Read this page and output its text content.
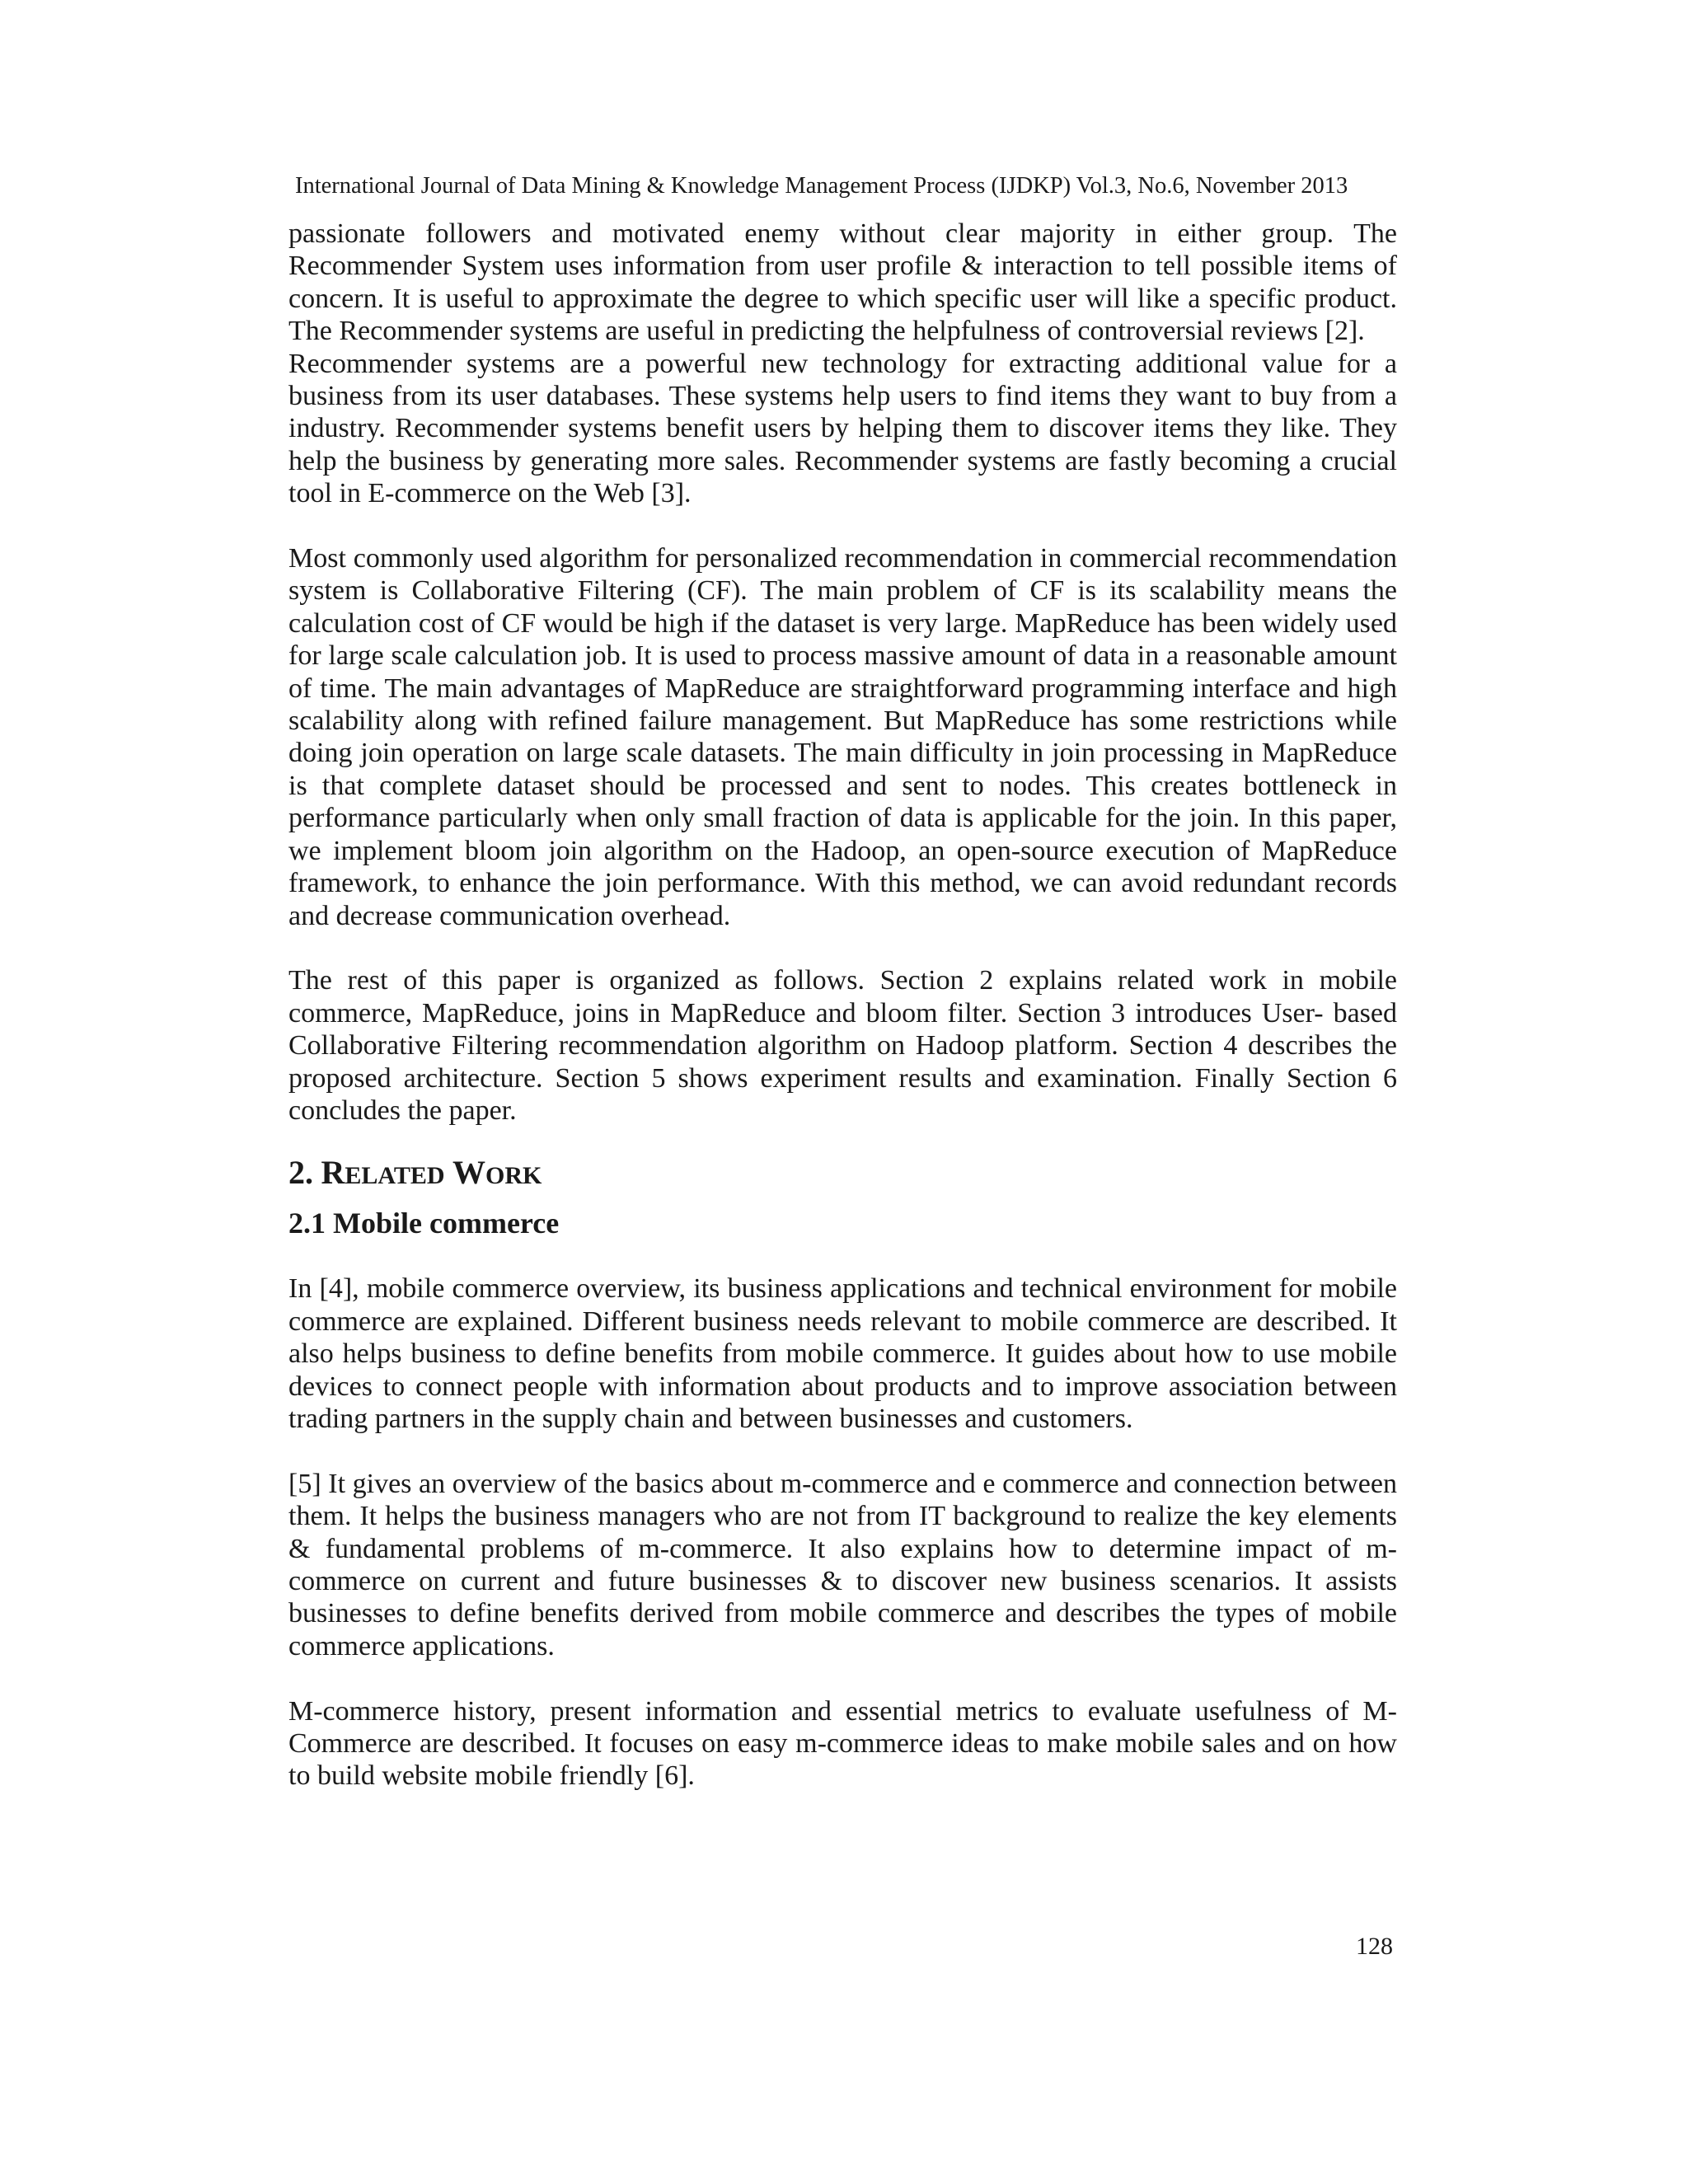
International Journal of Data Mining & Knowledge Management Process (IJDKP) Vol.3, No.6, November 2013

passionate followers and motivated enemy without clear majority in either group. The Recommender System uses information from user profile & interaction to tell possible items of concern. It is useful to approximate the degree to which specific user will like a specific product. The Recommender systems are useful in predicting the helpfulness of controversial reviews [2].

Recommender systems are a powerful new technology for extracting additional value for a business from its user databases. These systems help users to find items they want to buy from a industry. Recommender systems benefit users by helping them to discover items they like. They help the business by generating more sales. Recommender systems are fastly becoming a crucial tool in E-commerce on the Web [3].

Most commonly used algorithm for personalized recommendation in commercial recommendation system is Collaborative Filtering (CF). The main problem of CF is its scalability means the calculation cost of CF would be high if the dataset is very large. MapReduce has been widely used for large scale calculation job. It is used to process massive amount of data in a reasonable amount of time. The main advantages of MapReduce are straightforward programming interface and high scalability along with refined failure management. But MapReduce has some restrictions while doing join operation on large scale datasets. The main difficulty in join processing in MapReduce is that complete dataset should be processed and sent to nodes. This creates bottleneck in performance particularly when only small fraction of data is applicable for the join. In this paper, we implement bloom join algorithm on the Hadoop, an open-source execution of MapReduce framework, to enhance the join performance. With this method, we can avoid redundant records and decrease communication overhead.

The rest of this paper is organized as follows. Section 2 explains related work in mobile commerce, MapReduce, joins in MapReduce and bloom filter. Section 3 introduces User- based Collaborative Filtering recommendation algorithm on Hadoop platform. Section 4 describes the proposed architecture. Section 5 shows experiment results and examination. Finally Section 6 concludes the paper.

2. RELATED WORK
2.1 Mobile commerce

In [4], mobile commerce overview, its business applications and technical environment for mobile commerce are explained. Different business needs relevant to mobile commerce are described. It also helps business to define benefits from mobile commerce. It guides about how to use mobile devices to connect people with information about products and to improve association between trading partners in the supply chain and between businesses and customers.

[5] It gives an overview of the basics about m-commerce and e commerce and connection between them. It helps the business managers who are not from IT background to realize the key elements & fundamental problems of m-commerce. It also explains how to determine impact of m-commerce on current and future businesses & to discover new business scenarios. It assists businesses to define benefits derived from mobile commerce and describes the types of mobile commerce applications.

M-commerce history, present information and essential metrics to evaluate usefulness of M-Commerce are described. It focuses on easy m-commerce ideas to make mobile sales and on how to build website mobile friendly [6].

128
